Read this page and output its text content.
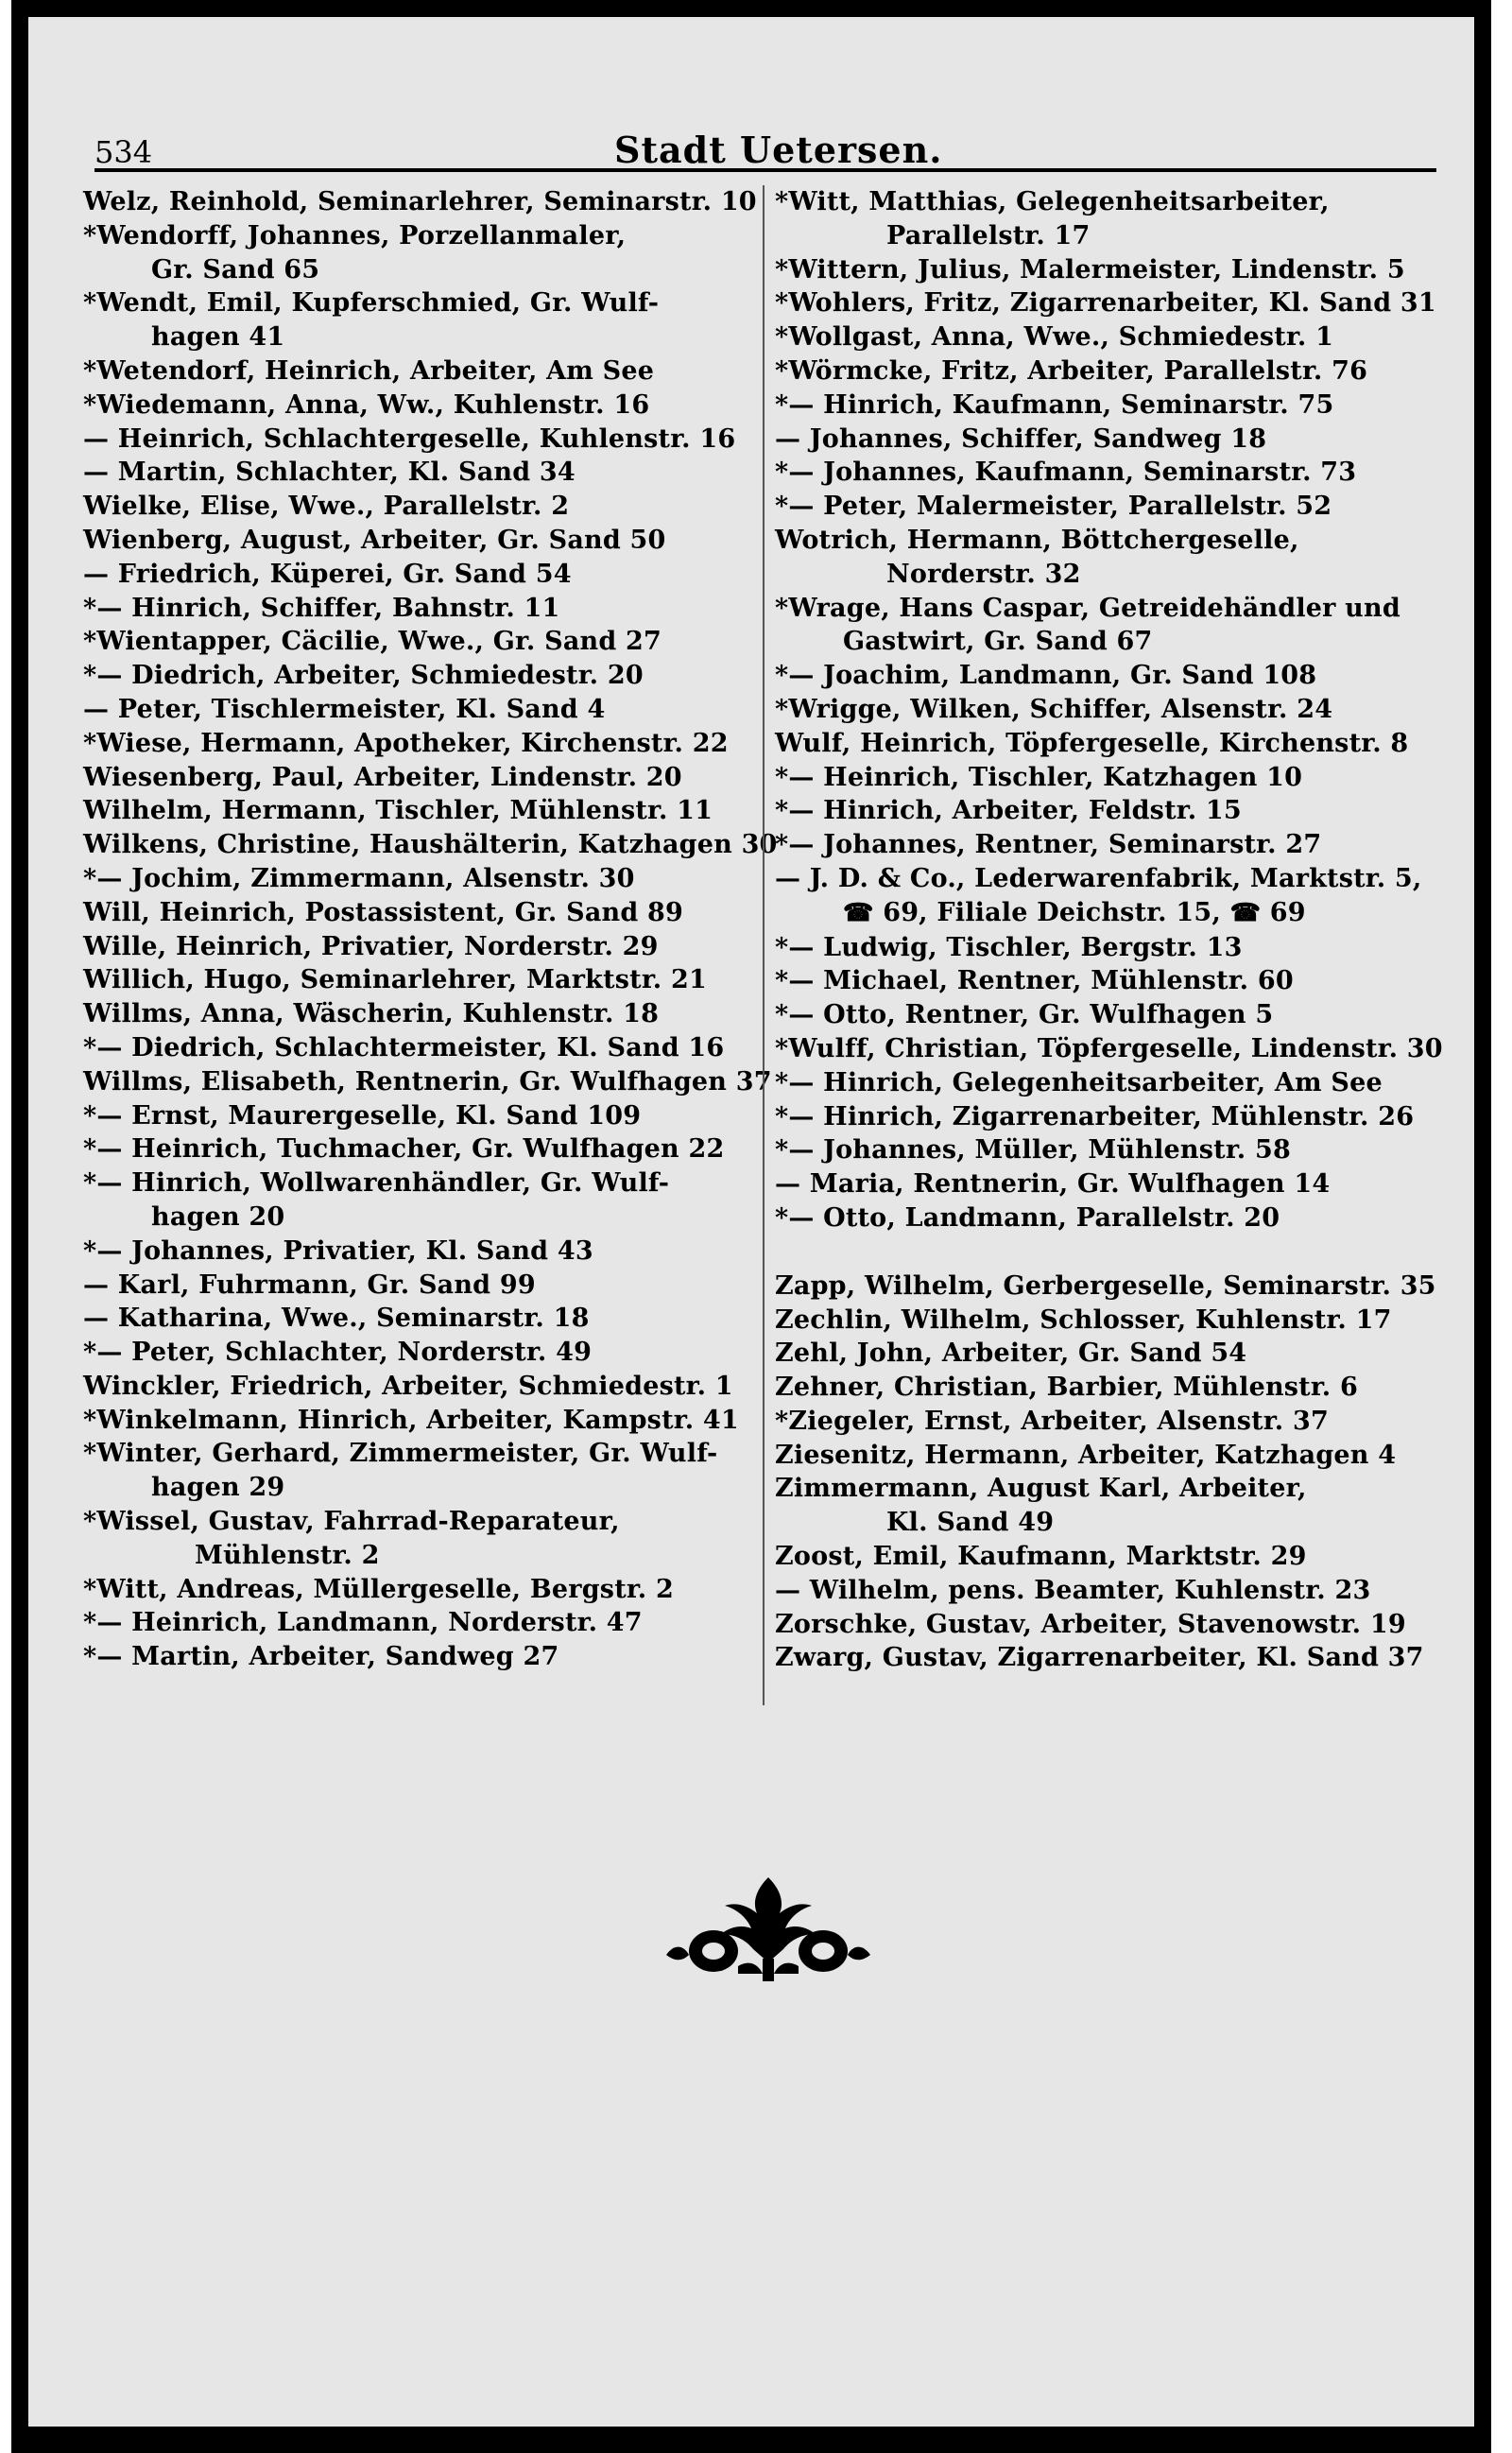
534	Stadt Uetersen.
Welz, Reinhold, Seminarlehrer, Seminarstr. 10
*Wendorff, Johannes, Porzellanmaler,
Gr. Sand 65
*Wendt, Emil, Kupferschmied, Gr. Wulf-
hagen 41
*Wetendorf, Heinrich, Arbeiter, Am See
*Wiedemann, Anna, Ww., Kuhlenstr. 16
— Heinrich, Schlachtergeselle, Kuhlenstr. 16
— Martin, Schlachter, Kl. Sand 34
Wielke, Elise, Wwe., Parallelstr. 2
Wienberg, August, Arbeiter, Gr. Sand 50
— Friedrich, Küperei, Gr. Sand 54
*— Hinrich, Schiffer, Bahnstr. 11
*Wientapper, Cäcilie, Wwe., Gr. Sand 27
*— Diedrich, Arbeiter, Schmiedestr. 20
— Peter, Tischlermeister, Kl. Sand 4
*Wiese, Hermann, Apotheker, Kirchenstr. 22
Wiesenberg, Paul, Arbeiter, Lindenstr. 20
Wilhelm, Hermann, Tischler, Mühlenstr. 11
Wilkens, Christine, Haushälterin, Katzhagen 30
*— Jochim, Zimmermann, Alsenstr. 30
Will, Heinrich, Postassistent, Gr. Sand 89
Wille, Heinrich, Privatier, Norderstr. 29
Willich, Hugo, Seminarlehrer, Marktstr. 21
Willms, Anna, Wäscherin, Kuhlenstr. 18
*— Diedrich, Schlachtermeister, Kl. Sand 16
Willms, Elisabeth, Rentnerin, Gr. Wulfhagen 37
*— Ernst, Maurergeselle, Kl. Sand 109
*— Heinrich, Tuchmacher, Gr. Wulfhagen 22
*— Hinrich, Wollwarenhändler, Gr. Wulf-
hagen 20
*— Johannes, Privatier, Kl. Sand 43
— Karl, Fuhrmann, Gr. Sand 99
— Katharina, Wwe., Seminarstr. 18
*— Peter, Schlachter, Norderstr. 49
Winckler, Friedrich, Arbeiter, Schmiedestr. 1
*Winkelmann, Hinrich, Arbeiter, Kampstr. 41
*Winter, Gerhard, Zimmermeister, Gr. Wulf-
hagen 29
*Wissel, Gustav, Fahrrad-Reparateur,
Mühlenstr. 2
*Witt, Andreas, Müllergeselle, Bergstr. 2
*— Heinrich, Landmann, Norderstr. 47
*— Martin, Arbeiter, Sandweg 27
*Witt, Matthias, Gelegenheitsarbeiter,
Parallelstr. 17
*Wittern, Julius, Malermeister, Lindenstr. 5
*Wohlers, Fritz, Zigarrenarbeiter, Kl. Sand 31
*Wollgast, Anna, Wwe., Schmiedestr. 1
*Wörmcke, Fritz, Arbeiter, Parallelstr. 76
*— Hinrich, Kaufmann, Seminarstr. 75
— Johannes, Schiffer, Sandweg 18
*— Johannes, Kaufmann, Seminarstr. 73
*— Peter, Malermeister, Parallelstr. 52
Wotrich, Hermann, Böttchergeselle,
Norderstr. 32
*Wrage, Hans Caspar, Getreidehändler und
Gastwirt, Gr. Sand 67
*— Joachim, Landmann, Gr. Sand 108
*Wrigge, Wilken, Schiffer, Alsenstr. 24
Wulf, Heinrich, Töpfergeselle, Kirchenstr. 8
*— Heinrich, Tischler, Katzhagen 10
*— Hinrich, Arbeiter, Feldstr. 15
*— Johannes, Rentner, Seminarstr. 27
— J. D. & Co., Lederwarenfabrik, Marktstr. 5,
☎ 69, Filiale Deichstr. 15, ☎ 69
*— Ludwig, Tischler, Bergstr. 13
*— Michael, Rentner, Mühlenstr. 60
*— Otto, Rentner, Gr. Wulfhagen 5
*Wulff, Christian, Töpfergeselle, Lindenstr. 30
*— Hinrich, Gelegenheitsarbeiter, Am See
*— Hinrich, Zigarrenarbeiter, Mühlenstr. 26
*— Johannes, Müller, Mühlenstr. 58
— Maria, Rentnerin, Gr. Wulfhagen 14
*— Otto, Landmann, Parallelstr. 20
Zapp, Wilhelm, Gerbergeselle, Seminarstr. 35
Zechlin, Wilhelm, Schlosser, Kuhlenstr. 17
Zehl, John, Arbeiter, Gr. Sand 54
Zehner, Christian, Barbier, Mühlenstr. 6
*Ziegeler, Ernst, Arbeiter, Alsenstr. 37
Ziesenitz, Hermann, Arbeiter, Katzhagen 4
Zimmermann, August Karl, Arbeiter,
Kl. Sand 49
Zoost, Emil, Kaufmann, Marktstr. 29
— Wilhelm, pens. Beamter, Kuhlenstr. 23
Zorschke, Gustav, Arbeiter, Stavenowstr. 19
Zwarg, Gustav, Zigarrenarbeiter, Kl. Sand 37
